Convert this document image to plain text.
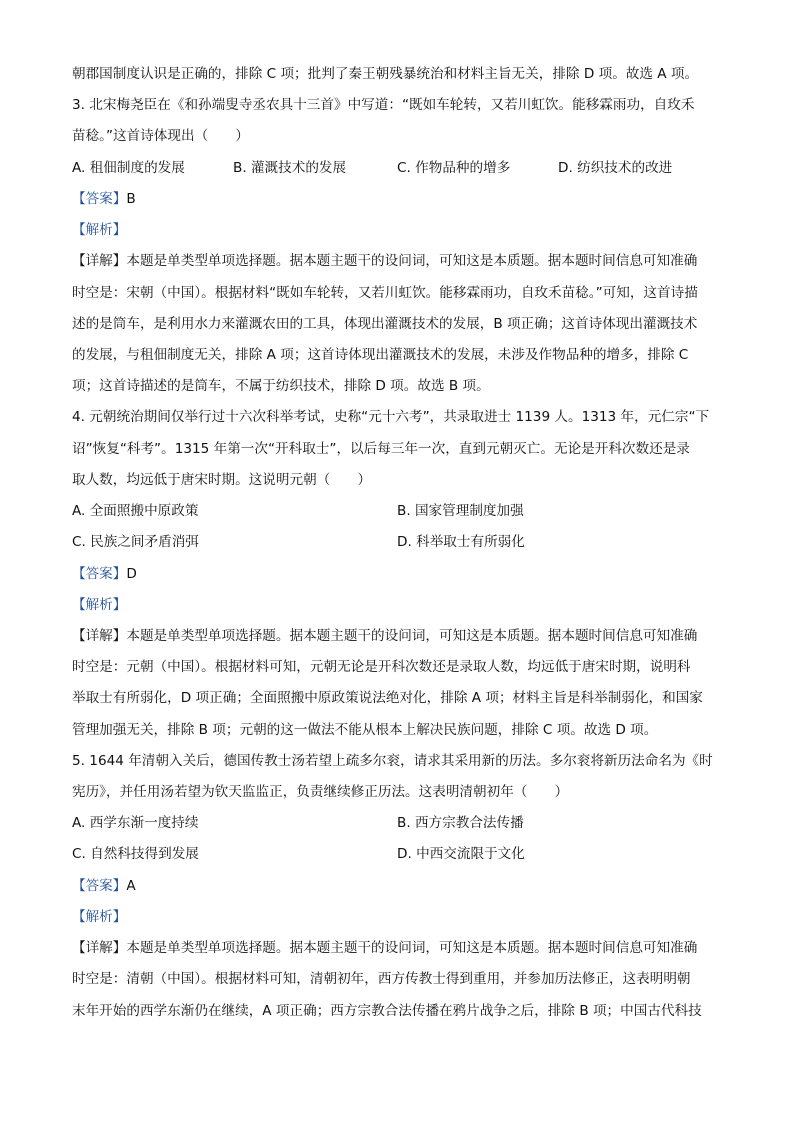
朝郡国制度认识是正确的，排除 C 项；批判了秦王朝残暴统治和材料主旨无关，排除 D 项。故选 A 项。
3. 北宋梅尧臣在《和孙端叟寺丞农具十三首》中写道：“既如车轮转，又若川虹饮。能移霖雨功，自玫禾
苗稔。”这首诗体现出（　　）
A. 租佃制度的发展	B. 灌溉技术的发展	C. 作物品种的增多	D. 纺织技术的改进
【答案】B
【解析】
【详解】本题是单类型单项选择题。据本题主题干的设问词，可知这是本质题。据本题时间信息可知准确
时空是：宋朝（中国）。根据材料“既如车轮转，又若川虹饮。能移霖雨功，自玫禾苗稔。”可知，这首诗描
述的是筒车，是利用水力来灌溉农田的工具，体现出灌溉技术的发展，B 项正确；这首诗体现出灌溉技术
的发展，与租佃制度无关，排除 A 项；这首诗体现出灌溉技术的发展，未涉及作物品种的增多，排除 C
项；这首诗描述的是筒车，不属于纺织技术，排除 D 项。故选 B 项。
4. 元朝统治期间仅举行过十六次科举考试，史称“元十六考”，共录取进士 1139 人。1313 年，元仁宗“下
诏”恢复“科考”。1315 年第一次“开科取士”，以后每三年一次，直到元朝灭亡。无论是开科次数还是录
取人数，均远低于唐宋时期。这说明元朝（　　）
A. 全面照搬中原政策	B. 国家管理制度加强
C. 民族之间矛盾消弭	D. 科举取士有所弱化
【答案】D
【解析】
【详解】本题是单类型单项选择题。据本题主题干的设问词，可知这是本质题。据本题时间信息可知准确
时空是：元朝（中国）。根据材料可知，元朝无论是开科次数还是录取人数，均远低于唐宋时期，说明科
举取士有所弱化，D 项正确；全面照搬中原政策说法绝对化，排除 A 项；材料主旨是科举制弱化，和国家
管理加强无关，排除 B 项；元朝的这一做法不能从根本上解决民族问题，排除 C 项。故选 D 项。
5. 1644 年清朝入关后，德国传教士汤若望上疏多尔衮，请求其采用新的历法。多尔衮将新历法命名为《时
宪历》，并任用汤若望为钦天监监正，负责继续修正历法。这表明清朝初年（　　）
A. 西学东渐一度持续	B. 西方宗教合法传播
C. 自然科技得到发展	D. 中西交流限于文化
【答案】A
【解析】
【详解】本题是单类型单项选择题。据本题主题干的设问词，可知这是本质题。据本题时间信息可知准确
时空是：清朝（中国）。根据材料可知，清朝初年，西方传教士得到重用，并参加历法修正，这表明明朝
末年开始的西学东渐仍在继续，A 项正确；西方宗教合法传播在鸦片战争之后，排除 B 项；中国古代科技
